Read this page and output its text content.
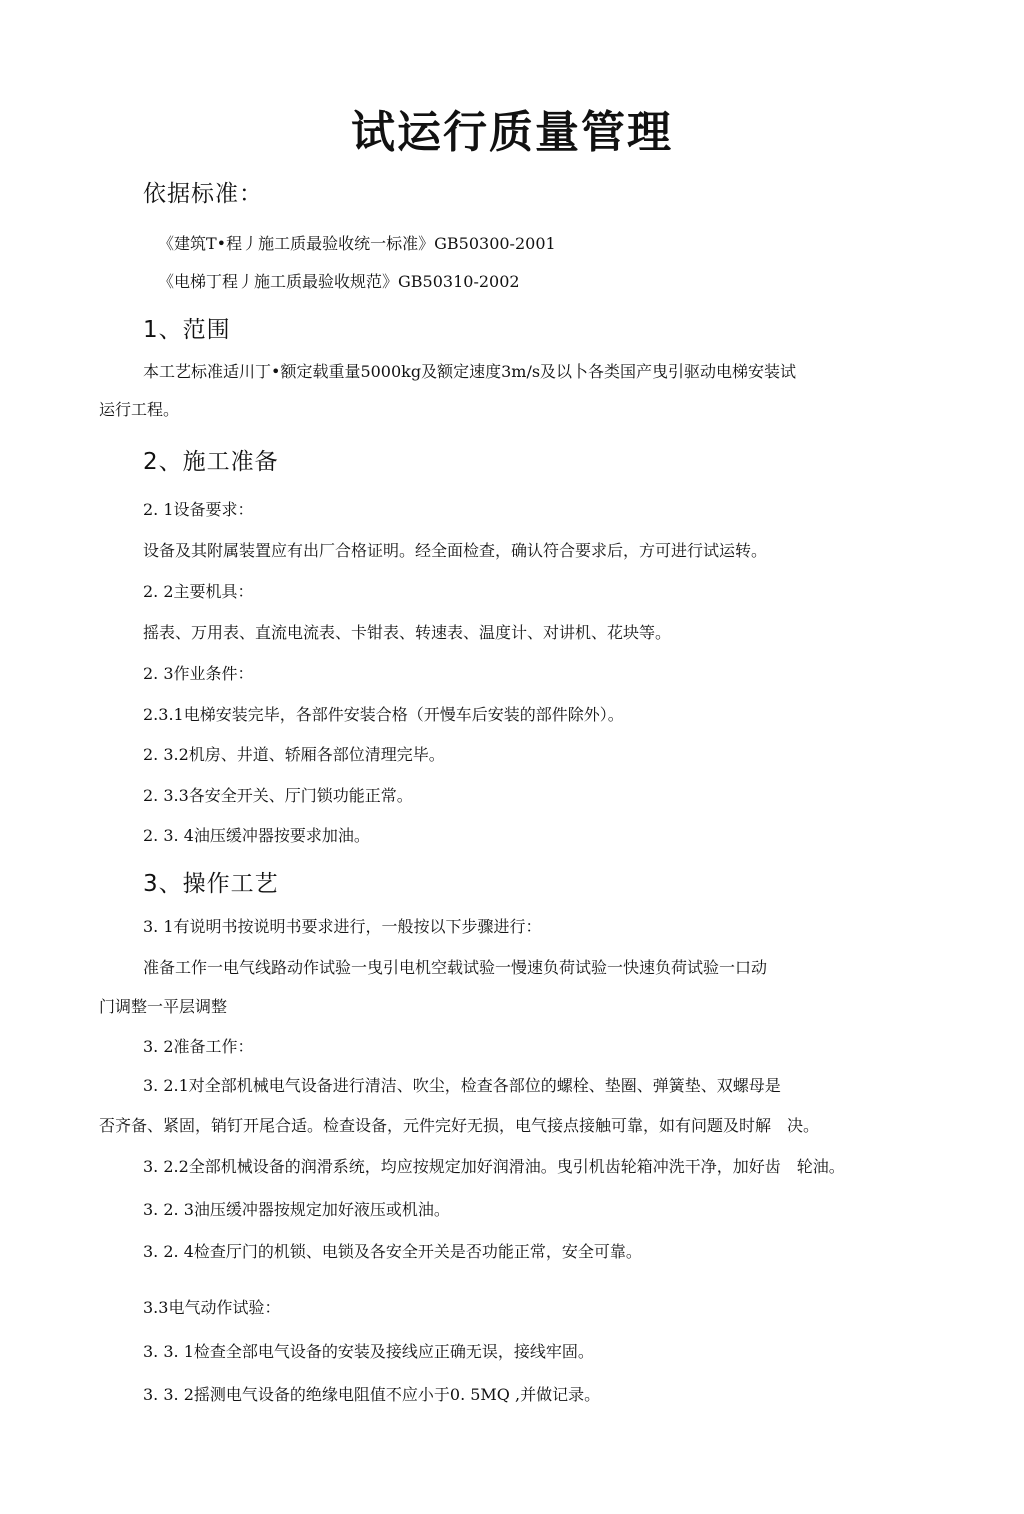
试运行质量管理
依据标准：
《建筑T•程丿施工质最验收统一标准》GB50300-2001
《电梯丁程丿施工质最验收规范》GB50310-2002
1、范围
本工艺标准适川丁•额定载重量5000kg及额定速度3m/s及以卜各类国产曳引驱动电梯安装试
运行工程。
2、施工准备
2. 1设备要求：
设备及其附属装置应有出厂合格证明。经全面检查，确认符合要求后，方可进行试运转。
2. 2主要机具：
摇表、万用表、直流电流表、卡钳表、转速表、温度计、对讲机、花块等。
2. 3作业条件：
2.3.1电梯安装完毕，各部件安装合格（开慢车后安装的部件除外）。
2. 3.2机房、井道、轿厢各部位清理完毕。
2. 3.3各安全开关、厅门锁功能正常。
2. 3. 4油压缓冲器按要求加油。
3、操作工艺
3. 1有说明书按说明书要求进行，一般按以下步骤进行：
准备工作一电气线路动作试验一曳引电机空载试验一慢速负荷试验一快速负荷试验一口动
门调整一平层调整
3. 2准备工作：
3. 2.1对全部机械电气设备进行清洁、吹尘，检查各部位的螺栓、垫圈、弹簧垫、双螺母是
否齐备、紧固，销钉开尾合适。检查设备，元件完好无损，电气接点接触可靠，如有问题及时解　决。
3. 2.2全部机械设备的润滑系统，均应按规定加好润滑油。曳引机齿轮箱冲洗干净，加好齿　轮油。
3. 2. 3油压缓冲器按规定加好液压或机油。
3. 2. 4检查厅门的机锁、电锁及各安全开关是否功能正常，安全可靠。
3.3电气动作试验：
3. 3. 1检查全部电气设备的安装及接线应正确无误，接线牢固。
3. 3. 2摇测电气设备的绝缘电阻值不应小于0. 5MQ ,并做记录。
